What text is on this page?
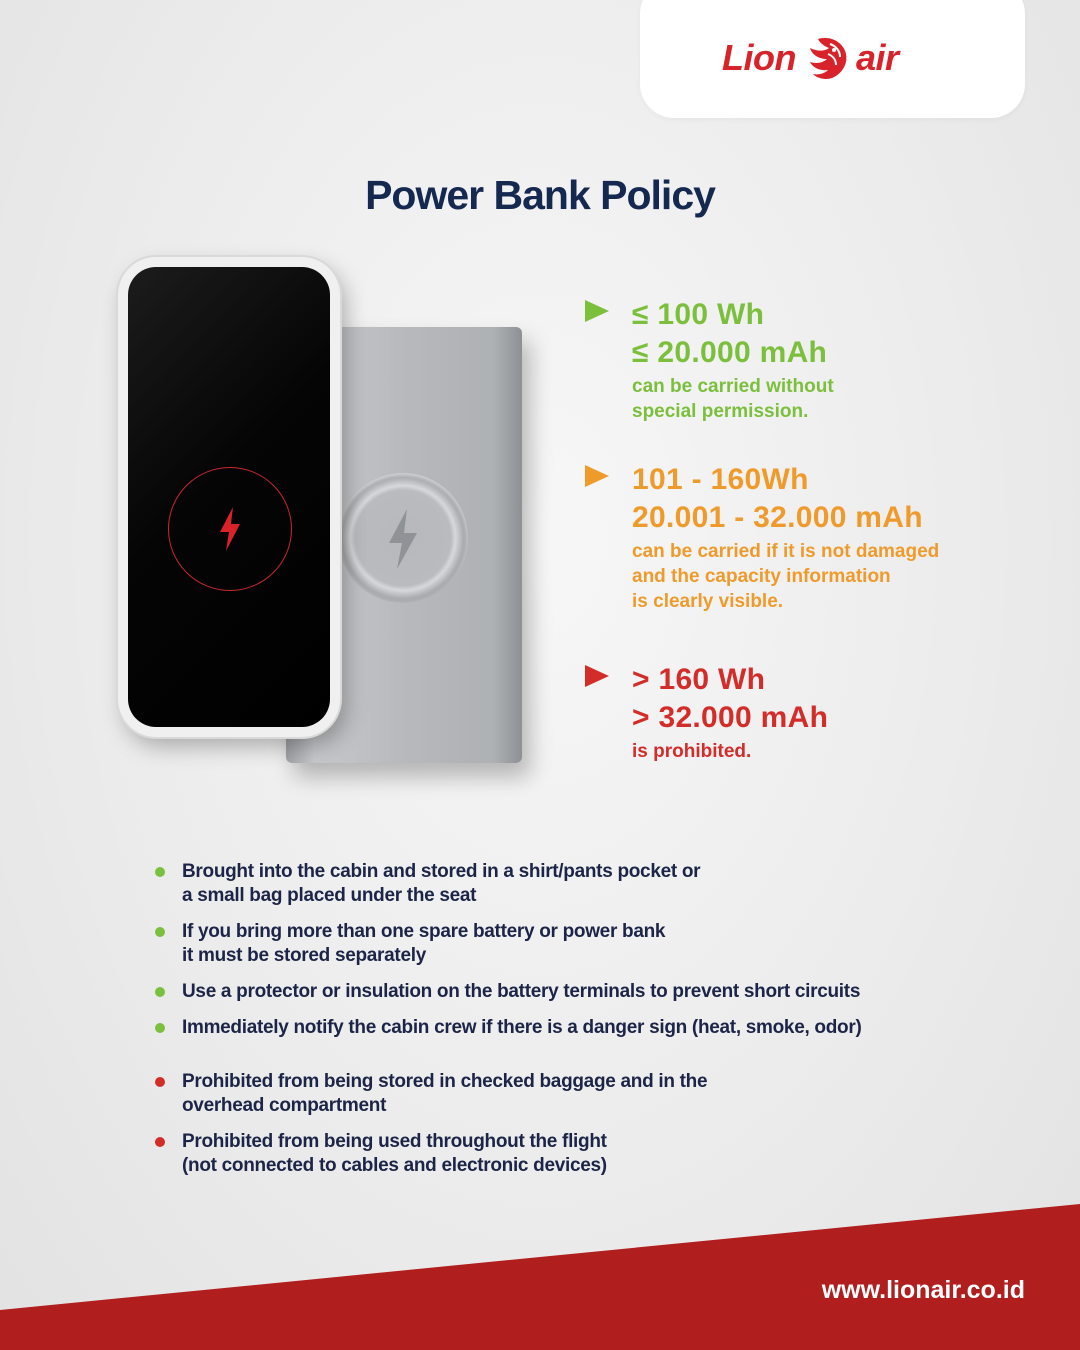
Lion air
Power Bank Policy
≤ 100 Wh
≤ 20.000 mAh
can be carried without
special permission.
101 - 160Wh
20.001 - 32.000 mAh
can be carried if it is not damaged
and the capacity information
is clearly visible.
> 160 Wh
> 32.000 mAh
is prohibited.
Brought into the cabin and stored in a shirt/pants pocket or
a small bag placed under the seat
If you bring more than one spare battery or power bank
it must be stored separately
Use a protector or insulation on the battery terminals to prevent short circuits
Immediately notify the cabin crew if there is a danger sign (heat, smoke, odor)
Prohibited from being stored in checked baggage and in the
overhead compartment
Prohibited from being used throughout the flight
(not connected to cables and electronic devices)
www.lionair.co.id
